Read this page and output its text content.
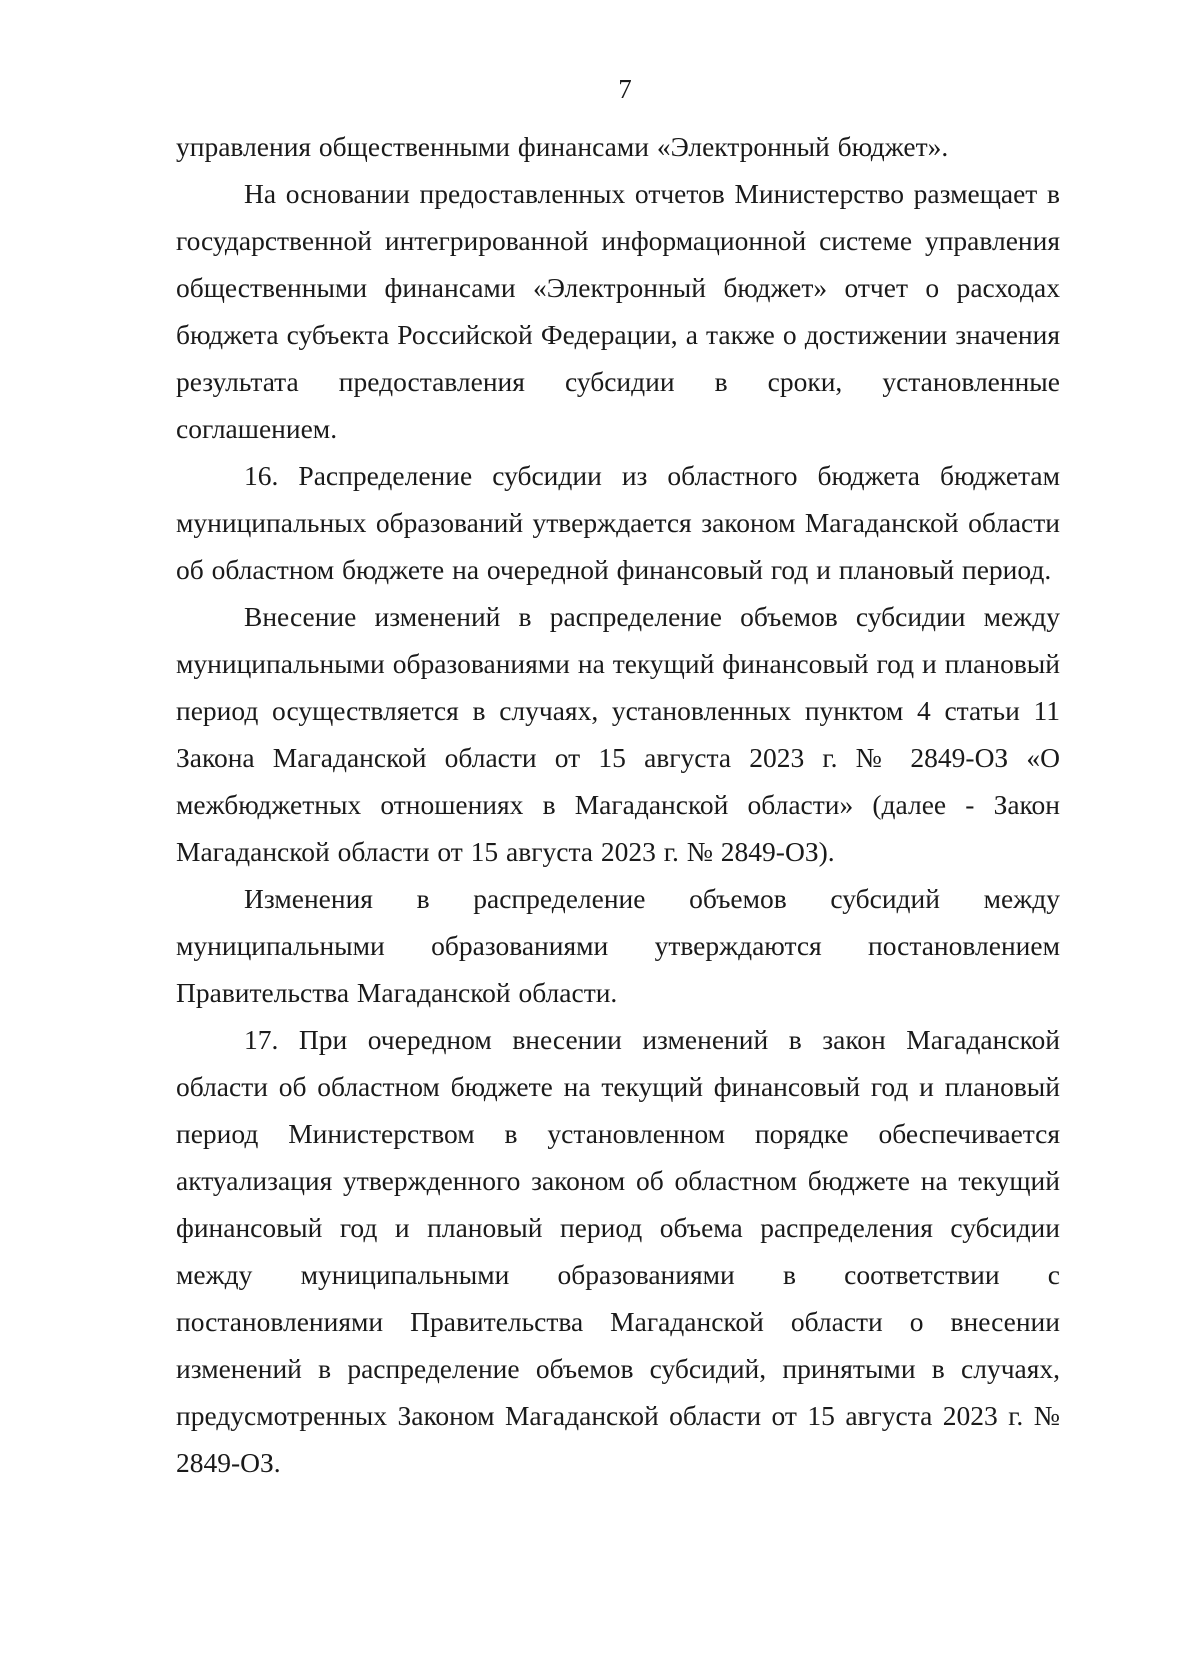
7

управления общественными финансами «Электронный бюджет».

На основании предоставленных отчетов Министерство размещает в государственной интегрированной информационной системе управления общественными финансами «Электронный бюджет» отчет о расходах бюджета субъекта Российской Федерации, а также о достижении значения результата предоставления субсидии в сроки, установленные соглашением.

16. Распределение субсидии из областного бюджета бюджетам муниципальных образований утверждается законом Магаданской области об областном бюджете на очередной финансовый год и плановый период.

Внесение изменений в распределение объемов субсидии между муниципальными образованиями на текущий финансовый год и плановый период осуществляется в случаях, установленных пунктом 4 статьи 11 Закона Магаданской области от 15 августа 2023 г. № 2849-ОЗ «О межбюджетных отношениях в Магаданской области» (далее - Закон Магаданской области от 15 августа 2023 г. № 2849-ОЗ).

Изменения в распределение объемов субсидий между муниципальными образованиями утверждаются постановлением Правительства Магаданской области.

17. При очередном внесении изменений в закон Магаданской области об областном бюджете на текущий финансовый год и плановый период Министерством в установленном порядке обеспечивается актуализация утвержденного законом об областном бюджете на текущий финансовый год и плановый период объема распределения субсидии между муниципальными образованиями в соответствии с постановлениями Правительства Магаданской области о внесении изменений в распределение объемов субсидий, принятыми в случаях, предусмотренных Законом Магаданской области от 15 августа 2023 г. № 2849-ОЗ.
